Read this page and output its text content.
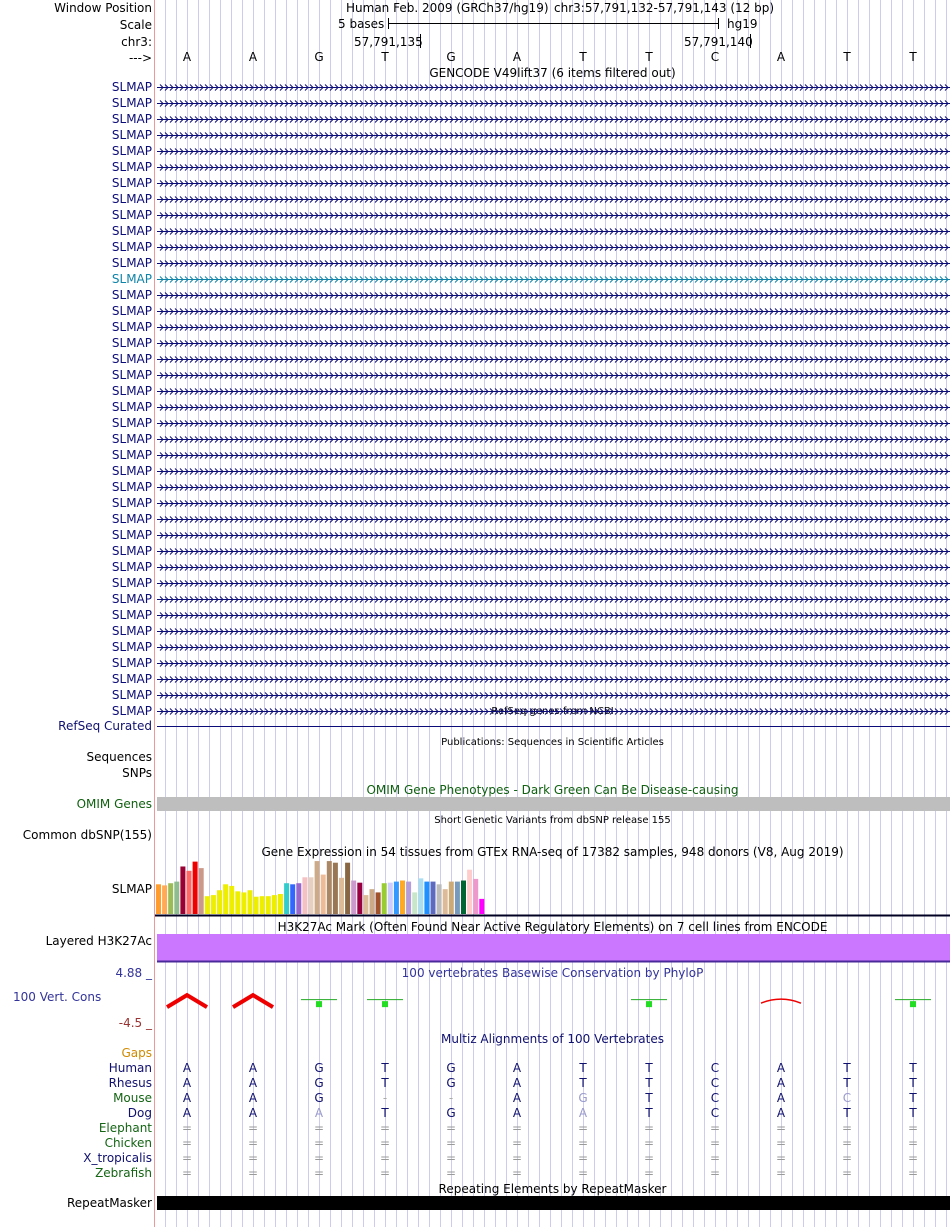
Window Position	Human Feb. 2009 (GRCh37/hg19) chr3:57,791,132-57,791,143 (12 bp)
Scale	5 bases	hg19
chr3:	57,791,135	57,791,140
--->	A	A	G	T	G	A	T	T	C	A	T	T
GENCODE V49lift37 (6 items filtered out)
SLMAP
SLMAP
SLMAP
SLMAP
SLMAP
SLMAP
SLMAP
SLMAP
SLMAP
SLMAP
SLMAP
SLMAP
SLMAP
SLMAP
SLMAP
SLMAP
SLMAP
SLMAP
SLMAP
SLMAP
SLMAP
SLMAP
SLMAP
SLMAP
SLMAP
SLMAP
SLMAP
SLMAP
SLMAP
SLMAP
SLMAP
SLMAP
SLMAP
SLMAP
SLMAP
SLMAP
SLMAP
SLMAP
SLMAP
SLMAP	RefSeq genes from NCBI
RefSeq Curated
Publications: Sequences in Scientific Articles
Sequences
SNPs
OMIM Gene Phenotypes - Dark Green Can Be Disease-causing
OMIM Genes
Short Genetic Variants from dbSNP release 155
Common dbSNP(155)
Gene Expression in 54 tissues from GTEx RNA-seq of 17382 samples, 948 donors (V8, Aug 2019)
SLMAP
H3K27Ac Mark (Often Found Near Active Regulatory Elements) on 7 cell lines from ENCODE
Layered H3K27Ac
4.88 _	100 vertebrates Basewise Conservation by PhyloP
100 Vert. Cons
-4.5 _
Multiz Alignments of 100 Vertebrates
Gaps
Human	A	A	G	T	G	A	T	T	C	A	T	T
Rhesus	A	A	G	T	G	A	T	T	C	A	T	T
Mouse	A	A	G	-	-	A	G	T	C	A	C	T
Dog	A	A	A	T	G	A	A	T	C	A	T	T
Elephant	=	=	=	=	=	=	=	=	=	=	=	=
Chicken	=	=	=	=	=	=	=	=	=	=	=	=
X_tropicalis	=	=	=	=	=	=	=	=	=	=	=	=
Zebrafish	=	=	=	=	=	=	=	=	=	=	=	=
Repeating Elements by RepeatMasker
RepeatMasker
